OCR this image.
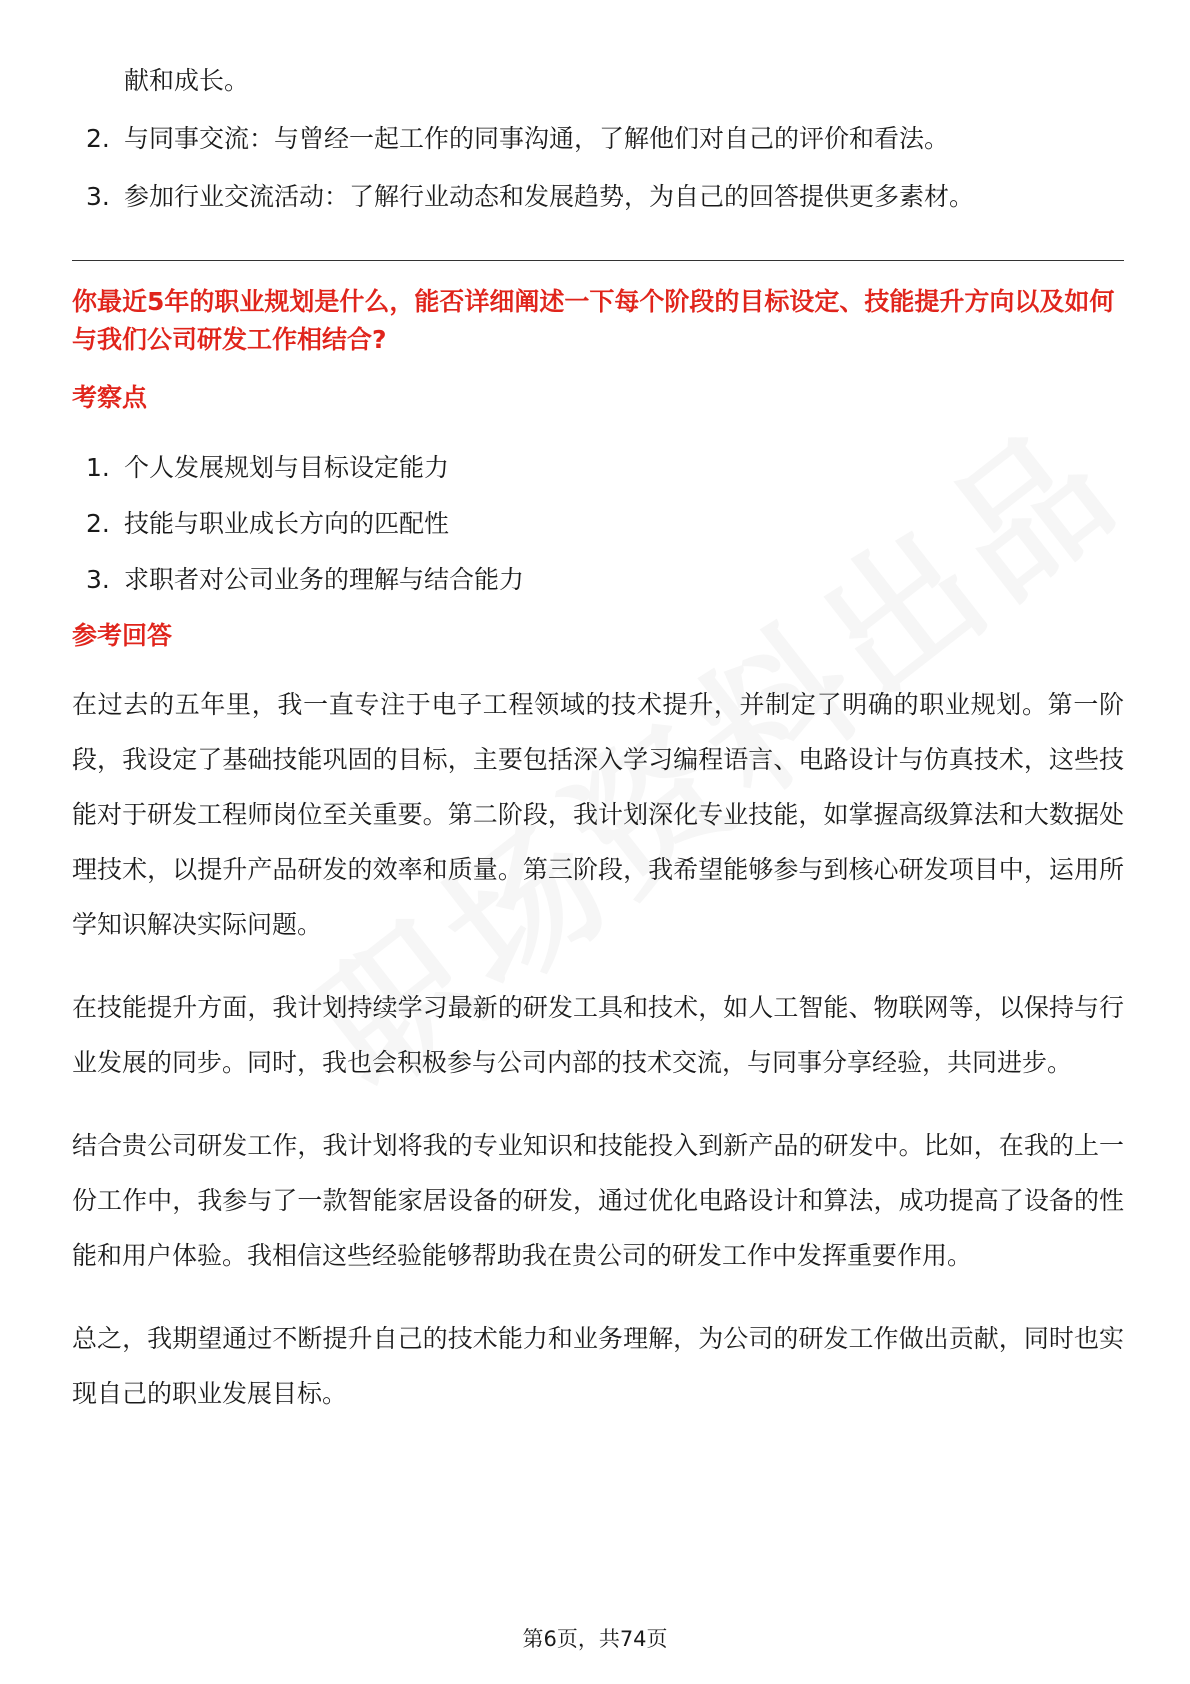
献和成长。
2. 与同事交流：与曾经一起工作的同事沟通，了解他们对自己的评价和看法。
3. 参加行业交流活动：了解行业动态和发展趋势，为自己的回答提供更多素材。

你最近5年的职业规划是什么，能否详细阐述一下每个阶段的目标设定、技能提升方向以及如何与我们公司研发工作相结合?

考察点
1. 个人发展规划与目标设定能力
2. 技能与职业成长方向的匹配性
3. 求职者对公司业务的理解与结合能力
参考回答

在过去的五年里，我一直专注于电子工程领域的技术提升，并制定了明确的职业规划。第一阶段，我设定了基础技能巩固的目标，主要包括深入学习编程语言、电路设计与仿真技术，这些技能对于研发工程师岗位至关重要。第二阶段，我计划深化专业技能，如掌握高级算法和大数据处理技术，以提升产品研发的效率和质量。第三阶段，我希望能够参与到核心研发项目中，运用所学知识解决实际问题。

在技能提升方面，我计划持续学习最新的研发工具和技术，如人工智能、物联网等，以保持与行业发展的同步。同时，我也会积极参与公司内部的技术交流，与同事分享经验，共同进步。

结合贵公司研发工作，我计划将我的专业知识和技能投入到新产品的研发中。比如，在我的上一份工作中，我参与了一款智能家居设备的研发，通过优化电路设计和算法，成功提高了设备的性能和用户体验。我相信这些经验能够帮助我在贵公司的研发工作中发挥重要作用。

总之，我期望通过不断提升自己的技术能力和业务理解，为公司的研发工作做出贡献，同时也实现自己的职业发展目标。

第6页，共74页
